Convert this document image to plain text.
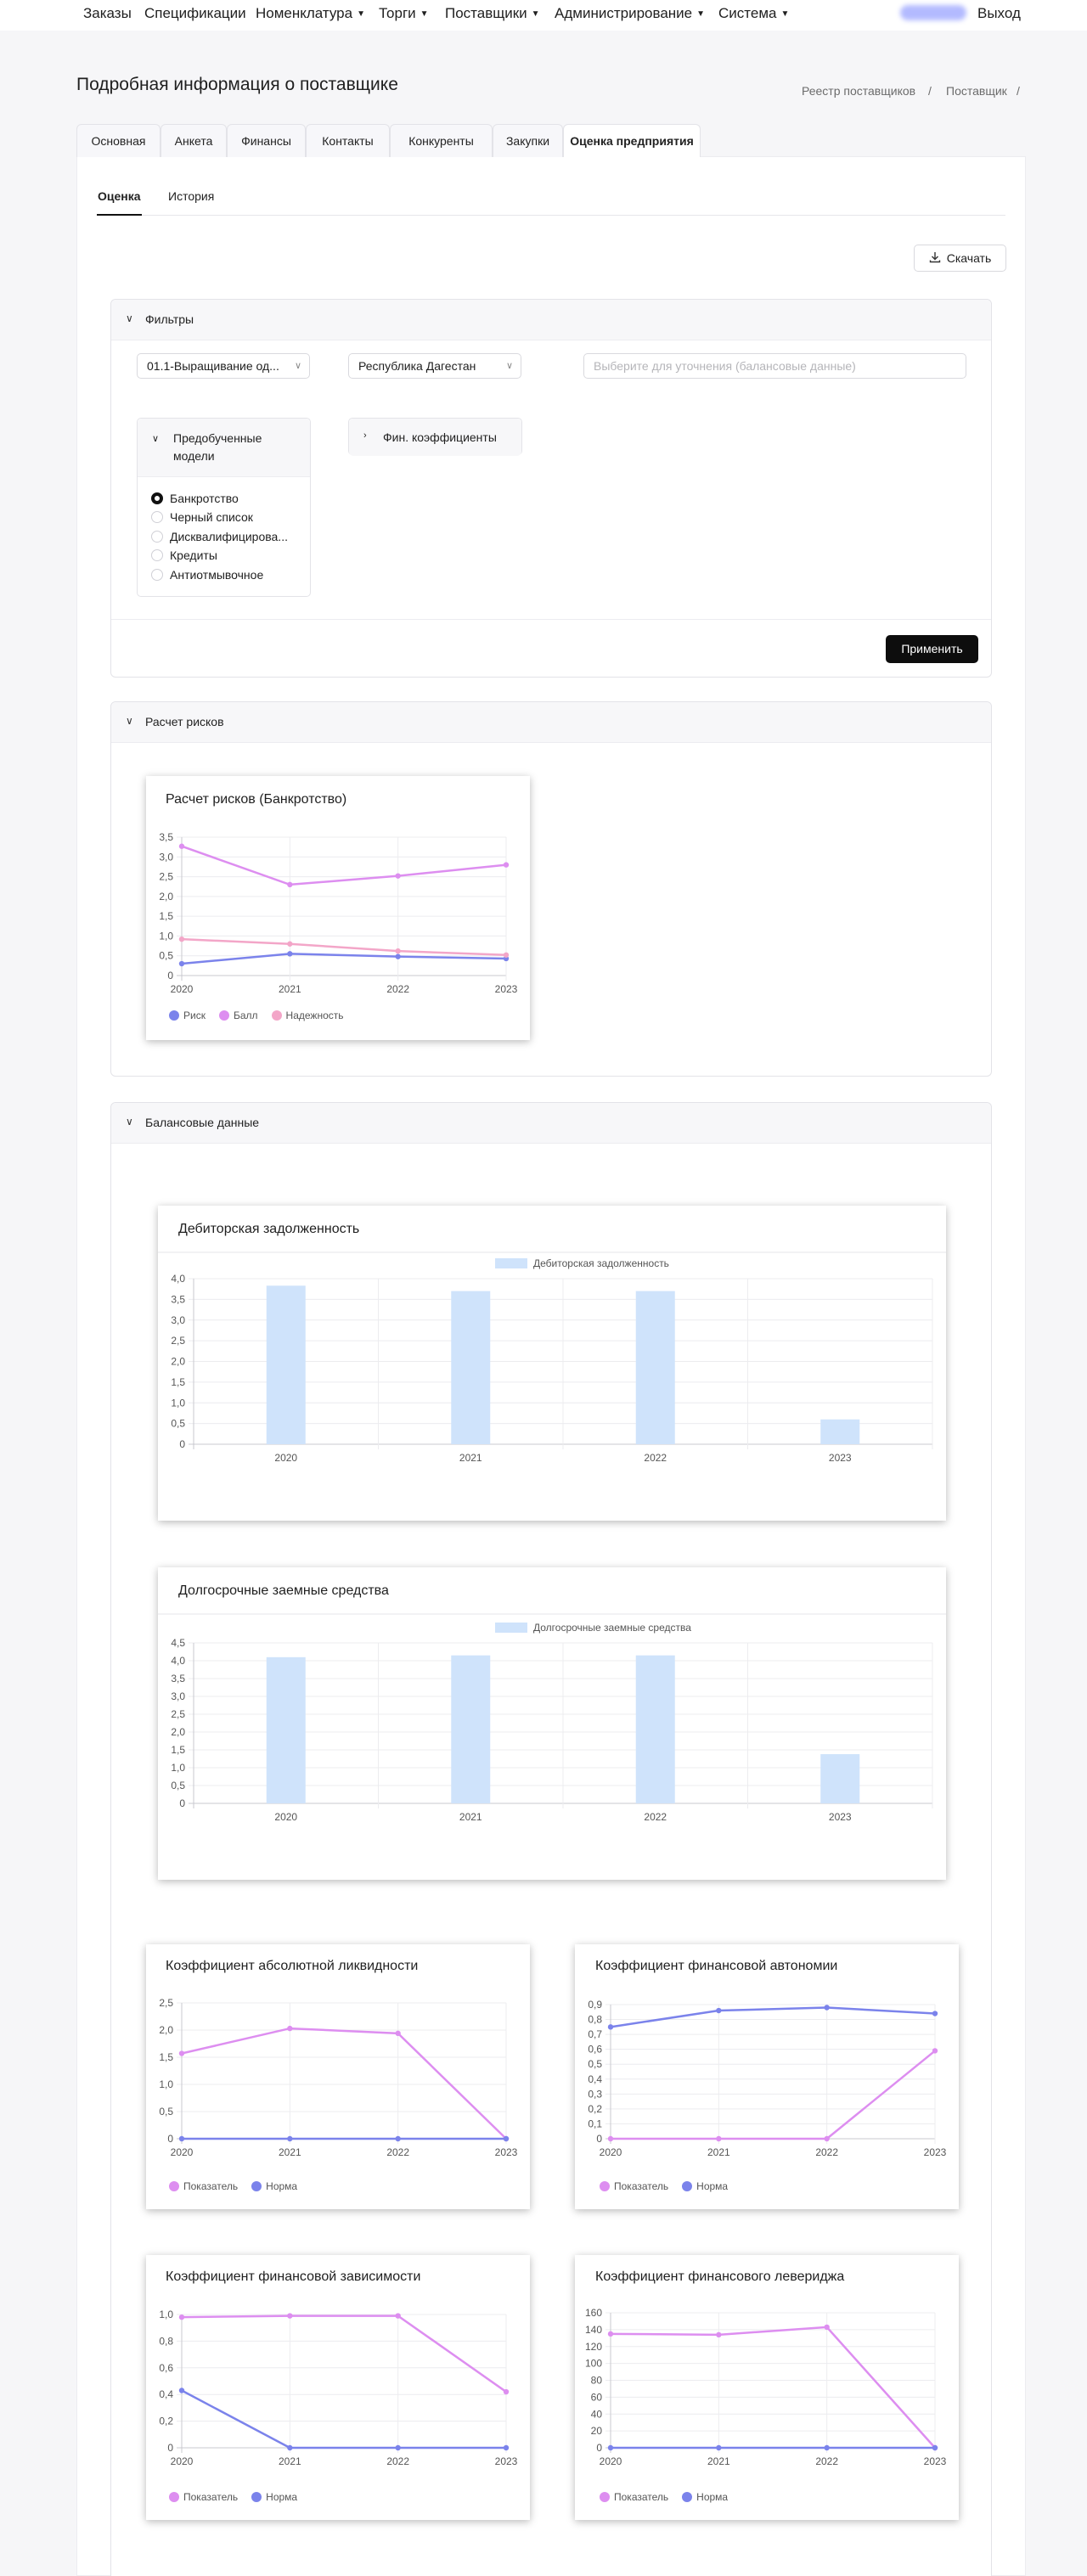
Заказы Спецификации Номенклатура ▼ Торги ▼ Поставщики ▼ Администрирование ▼ Система ▼	Выход
Подробная информация о поставщике	Реестр поставщиков / Поставщик /
Основная	Анкета	Финансы	Контакты	Конкуренты	Закупки	Оценка предприятия
Оценка История
Скачать
∨ Фильтры
01.1-Выращивание од... ∨	Республика Дагестан	∨	Выберите для уточнения (балансовые данные)
∨ Предобученные модели
Банкротство
Черный список
Дисквалифицирова...
Кредиты
Антиотмывочное
› Фин. коэффициенты
Применить
∨ Расчет рисков
∨ Балансовые данные
0
0,5
1,0
1,5
2,0
2,5
3,0
3,5
2020	2021	2022	2023
Расчет рисков (Банкротство)
Риск	Балл	Надежность
0
0,5
1,0
1,5
2,0
2,5
3,0
3,5
4,0
Дебиторская задолженность
2020	2021	2022	2023
Дебиторская задолженность
0
0,5
1,0
1,5
2,0
2,5
3,0
3,5
4,0
4,5
Долгосрочные заемные средства
2020	2021	2022	2023
Долгосрочные заемные средства
0
0,5
1,0
1,5
2,0
2,5
2020	2021	2022	2023
Коэффициент абсолютной ликвидности
Показатель	Норма
0
0,1
0,2
0,3
0,4
0,5
0,6
0,7
0,8
0,9
2020	2021	2022	2023
Коэффициент финансовой автономии
Показатель	Норма
0
0,2
0,4
0,6
0,8
1,0
2020	2021	2022	2023
Коэффициент финансовой зависимости
Показатель	Норма
0
20
40
60
80
100
120
140
160
2020	2021	2022	2023
Коэффициент финансового левериджа
Показатель	Норма
